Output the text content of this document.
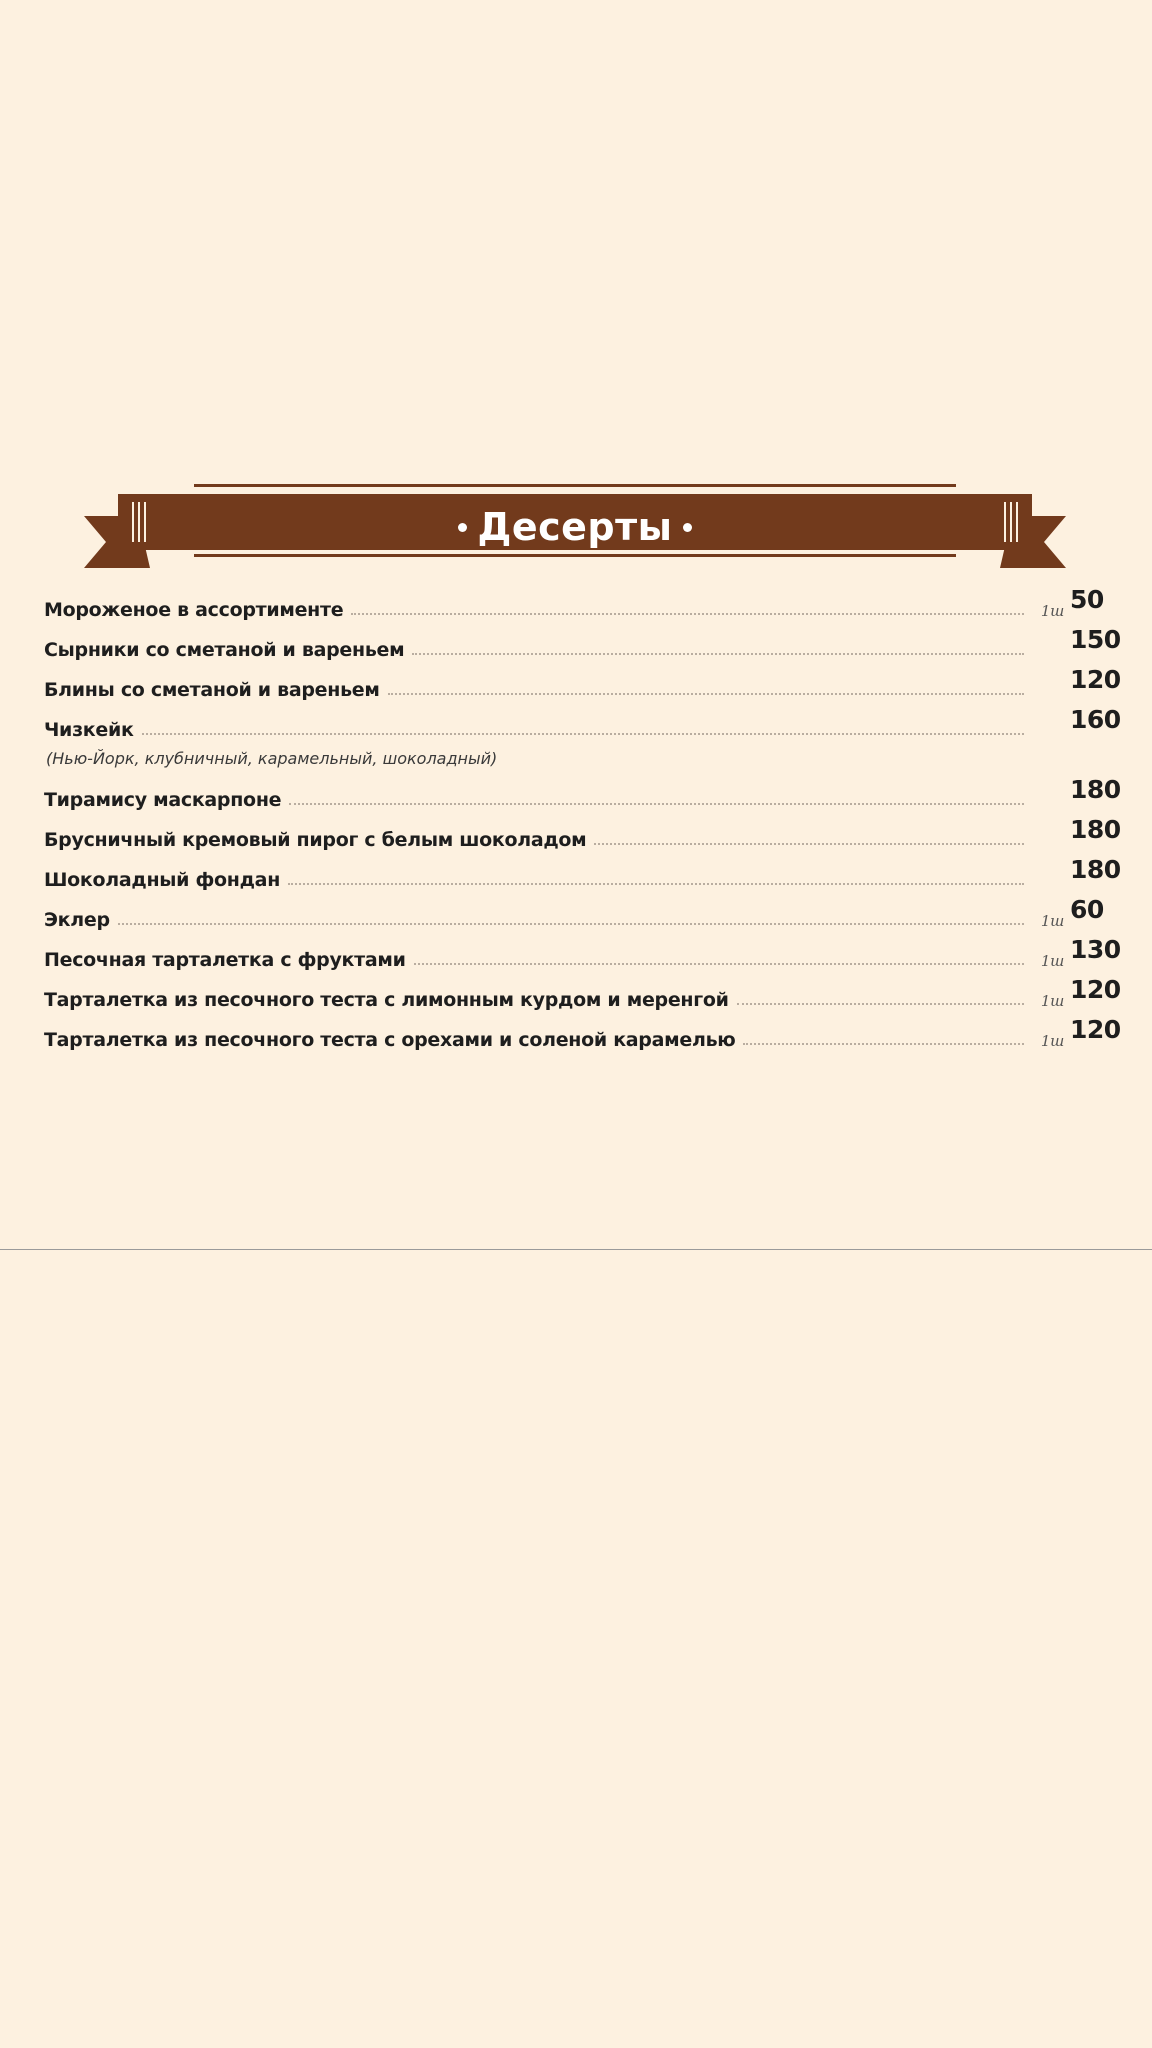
Десерты
Мороженое в ассортименте	1ш 50
Сырники со сметаной и вареньем	150
Блины со сметаной и вареньем	120
Чизкейк	160
(Нью-Йорк, клубничный, карамельный, шоколадный)
Тирамису маскарпоне	180
Брусничный кремовый пирог с белым шоколадом	180
Шоколадный фондан	180
Эклер	1ш 60
Песочная тарталетка с фруктами	1ш 130
Тарталетка из песочного теста с лимонным курдом и меренгой	1ш 120
Тарталетка из песочного теста с орехами и соленой карамелью	1ш 120
